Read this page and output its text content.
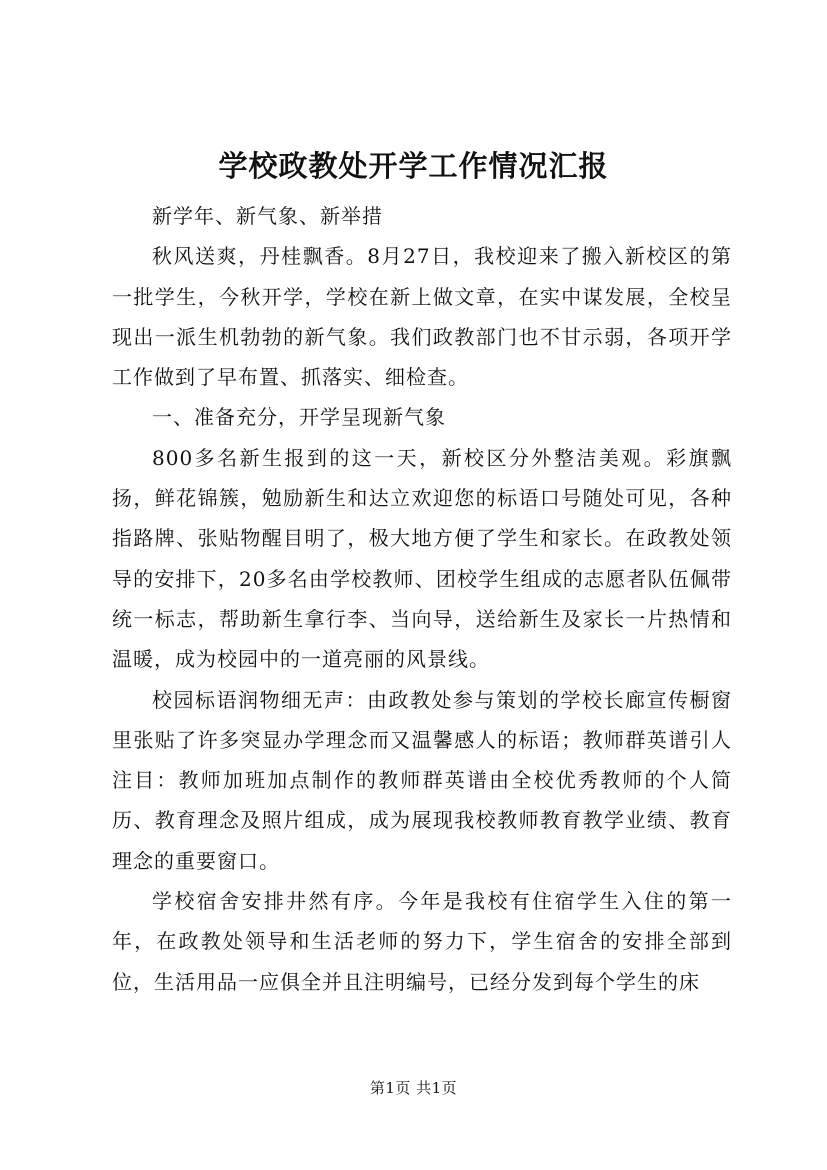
学校政教处开学工作情况汇报

新学年、新气象、新举措

秋风送爽，丹桂飘香。8月27日，我校迎来了搬入新校区的第一批学生，今秋开学，学校在新上做文章，在实中谋发展，全校呈现出一派生机勃勃的新气象。我们政教部门也不甘示弱，各项开学工作做到了早布置、抓落实、细检查。

一、准备充分，开学呈现新气象

800多名新生报到的这一天，新校区分外整洁美观。彩旗飘扬，鲜花锦簇，勉励新生和达立欢迎您的标语口号随处可见，各种指路牌、张贴物醒目明了，极大地方便了学生和家长。在政教处领导的安排下，20多名由学校教师、团校学生组成的志愿者队伍佩带统一标志，帮助新生拿行李、当向导，送给新生及家长一片热情和温暖，成为校园中的一道亮丽的风景线。

校园标语润物细无声：由政教处参与策划的学校长廊宣传橱窗里张贴了许多突显办学理念而又温馨感人的标语；教师群英谱引人注目：教师加班加点制作的教师群英谱由全校优秀教师的个人简历、教育理念及照片组成，成为展现我校教师教育教学业绩、教育理念的重要窗口。

学校宿舍安排井然有序。今年是我校有住宿学生入住的第一年，在政教处领导和生活老师的努力下，学生宿舍的安排全部到位，生活用品一应俱全并且注明编号，已经分发到每个学生的床

第1页 共1页
